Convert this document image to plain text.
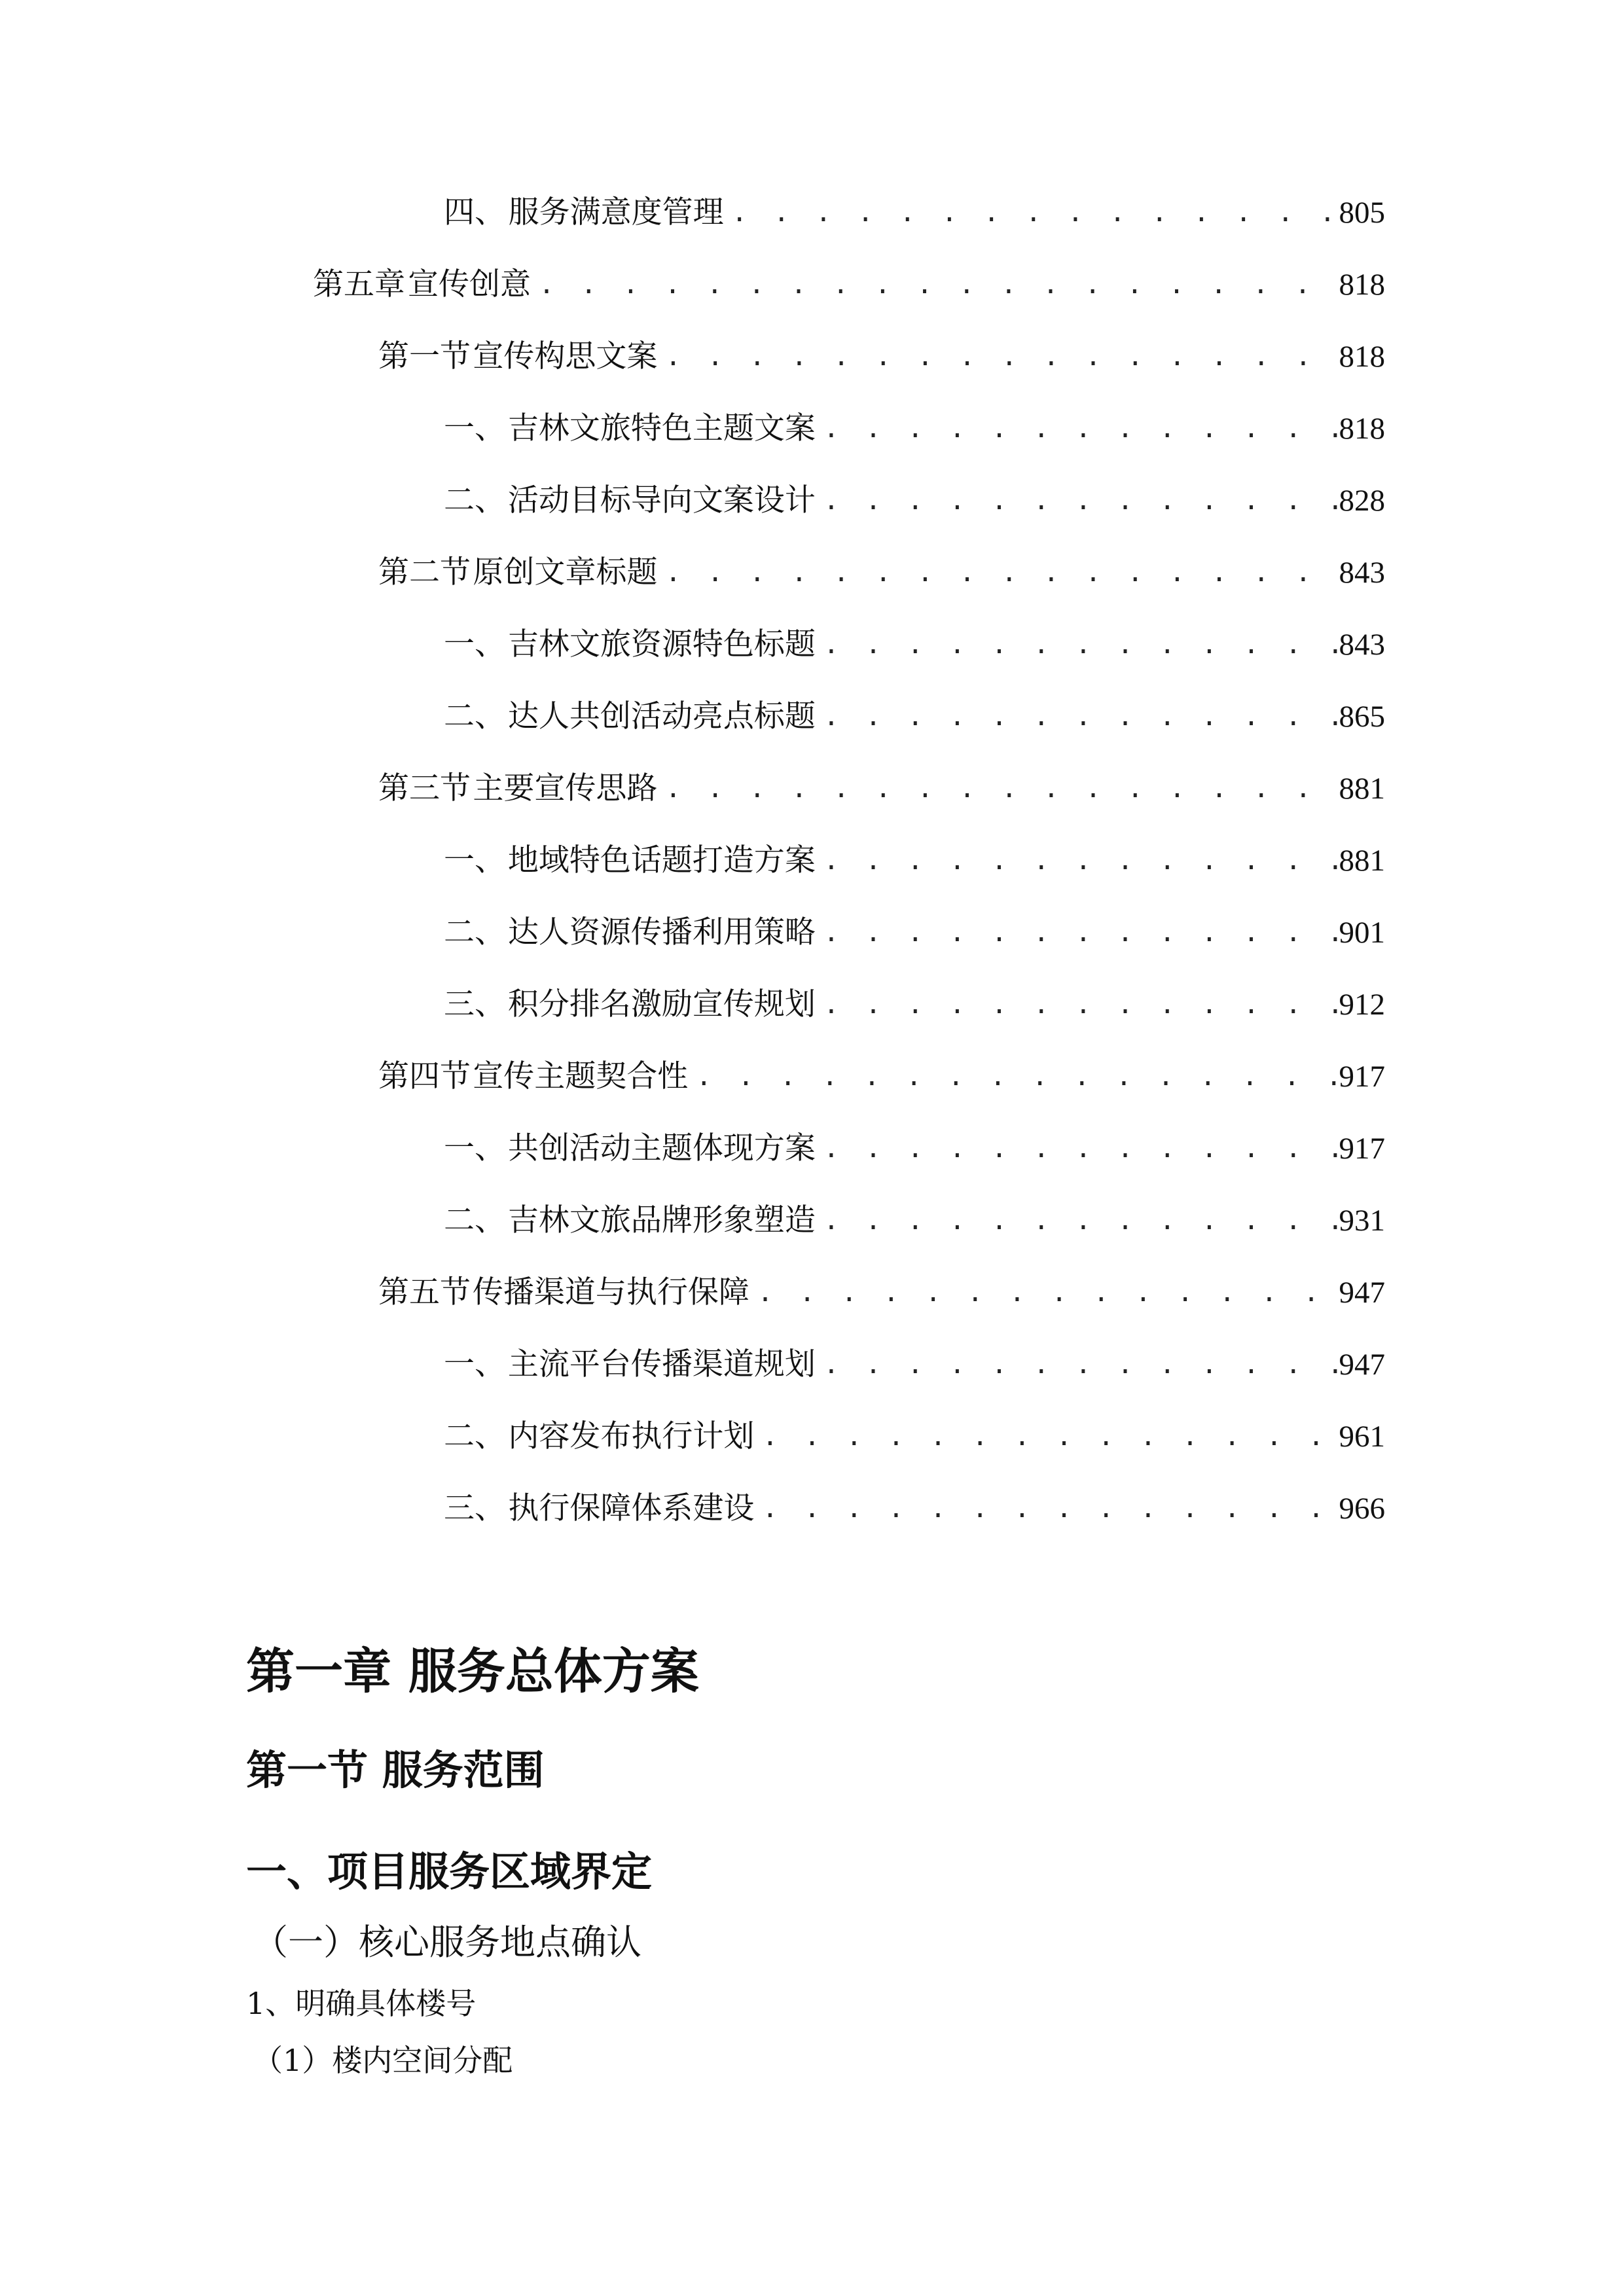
四、 服务满意度管理 . . .	805
第五章 宣传创意 . . .	818
第一节 宣传构思文案 . . .	818
一、 吉林文旅特色主题文案 . . .	818
二、 活动目标导向文案设计 . . .	828
第二节 原创文章标题 . . .	843
一、 吉林文旅资源特色标题 . . .	843
二、 达人共创活动亮点标题 . . .	865
第三节 主要宣传思路 . . .	881
一、 地域特色话题打造方案 . . .	881
二、 达人资源传播利用策略 . . .	901
三、 积分排名激励宣传规划 . . .	912
第四节 宣传主题契合性 . . .	917
一、 共创活动主题体现方案 . . .	917
二、 吉林文旅品牌形象塑造 . . .	931
第五节 传播渠道与执行保障 . . .	947
一、 主流平台传播渠道规划 . . .	947
二、 内容发布执行计划 . . .	961
三、 执行保障体系建设 . . .	966
第一章 服务总体方案
第一节 服务范围
一、项目服务区域界定
（一）核心服务地点确认
1、明确具体楼号
（1）楼内空间分配
